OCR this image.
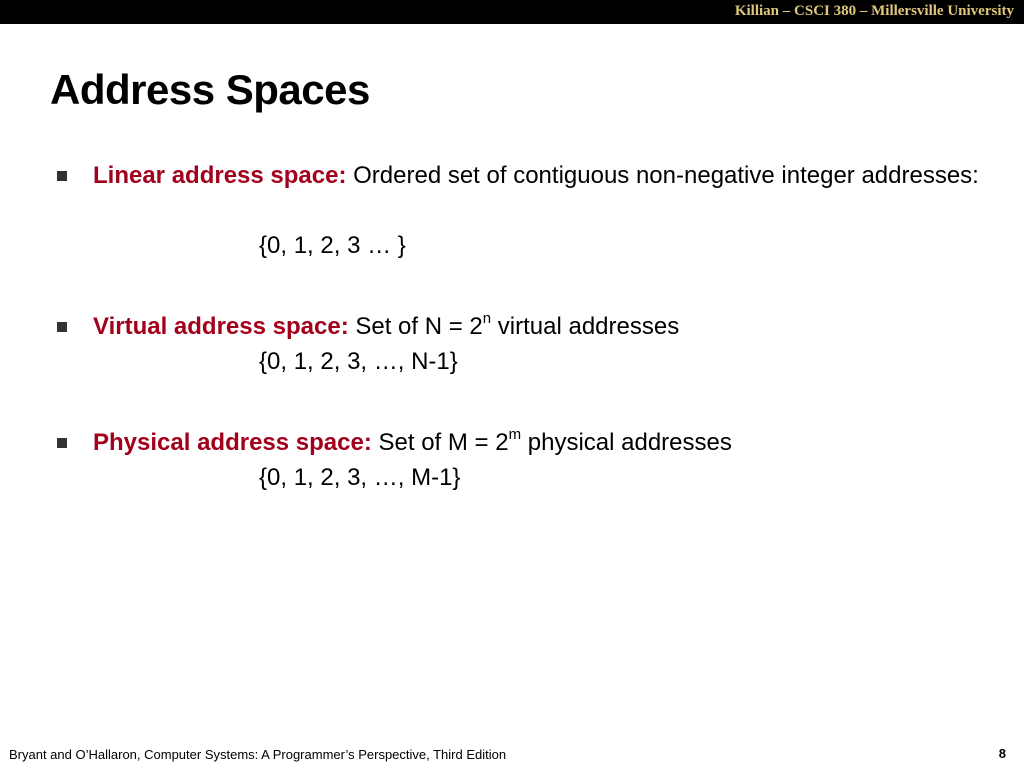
Killian – CSCI 380 – Millersville University
Address Spaces
Linear address space: Ordered set of contiguous non-negative integer addresses:
{0, 1, 2, 3 … }
Virtual address space: Set of $N = 2^n$ virtual addresses
{0, 1, 2, 3, …, N-1}
Physical address space: Set of $M = 2^m$ physical addresses
{0, 1, 2, 3, …, M-1}
Bryant and O’Hallaron, Computer Systems: A Programmer’s Perspective, Third Edition	8
